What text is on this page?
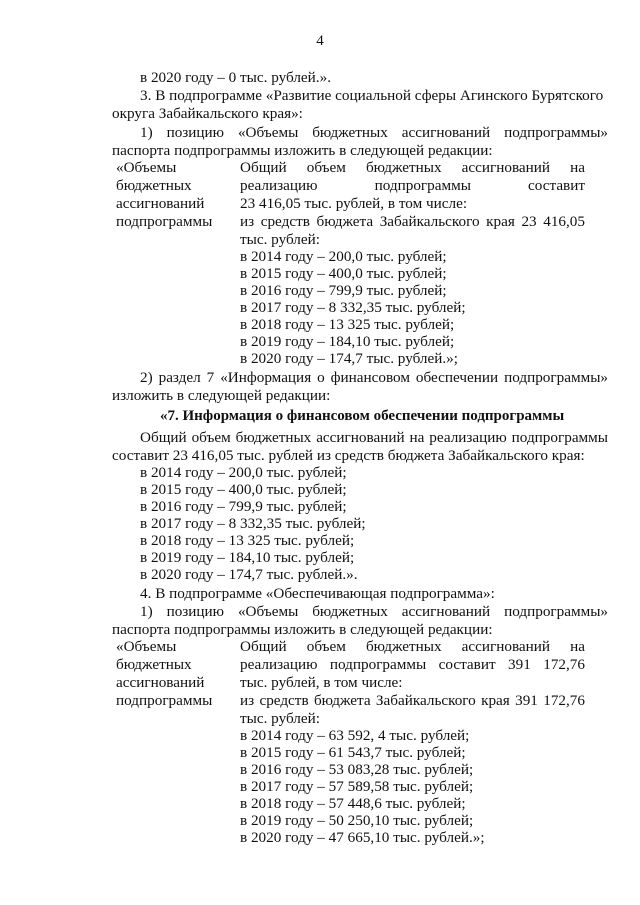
4
в 2020 году – 0 тыс. рублей.».
3. В подпрограмме «Развитие социальной сферы Агинского Бурятского
округа Забайкальского края»:
1) позицию «Объемы бюджетных ассигнований подпрограммы»
паспорта подпрограммы изложить в следующей редакции:
«Объемы
бюджетных
ассигнований
подпрограммы
Общий объем бюджетных ассигнований на
реализацию подпрограммы составит
23 416,05 тыс. рублей, в том числе:
из средств бюджета Забайкальского края 23 416,05
тыс. рублей:
в 2014 году – 200,0 тыс. рублей;
в 2015 году – 400,0 тыс. рублей;
в 2016 году – 799,9 тыс. рублей;
в 2017 году – 8 332,35 тыс. рублей;
в 2018 году – 13 325 тыс. рублей;
в 2019 году – 184,10 тыс. рублей;
в 2020 году – 174,7 тыс. рублей.»;
2) раздел 7 «Информация о финансовом обеспечении подпрограммы»
изложить в следующей редакции:
«7. Информация о финансовом обеспечении подпрограммы
Общий объем бюджетных ассигнований на реализацию подпрограммы
составит 23 416,05 тыс. рублей из средств бюджета Забайкальского края:
в 2014 году – 200,0 тыс. рублей;
в 2015 году – 400,0 тыс. рублей;
в 2016 году – 799,9 тыс. рублей;
в 2017 году – 8 332,35 тыс. рублей;
в 2018 году – 13 325 тыс. рублей;
в 2019 году – 184,10 тыс. рублей;
в 2020 году – 174,7 тыс. рублей.».
4. В подпрограмме «Обеспечивающая подпрограмма»:
1) позицию «Объемы бюджетных ассигнований подпрограммы»
паспорта подпрограммы изложить в следующей редакции:
«Объемы
бюджетных
ассигнований
подпрограммы
Общий объем бюджетных ассигнований на
реализацию подпрограммы составит 391 172,76
тыс. рублей, в том числе:
из средств бюджета Забайкальского края 391 172,76
тыс. рублей:
в 2014 году – 63 592, 4 тыс. рублей;
в 2015 году – 61 543,7 тыс. рублей;
в 2016 году – 53 083,28 тыс. рублей;
в 2017 году – 57 589,58 тыс. рублей;
в 2018 году – 57 448,6 тыс. рублей;
в 2019 году – 50 250,10 тыс. рублей;
в 2020 году – 47 665,10 тыс. рублей.»;
